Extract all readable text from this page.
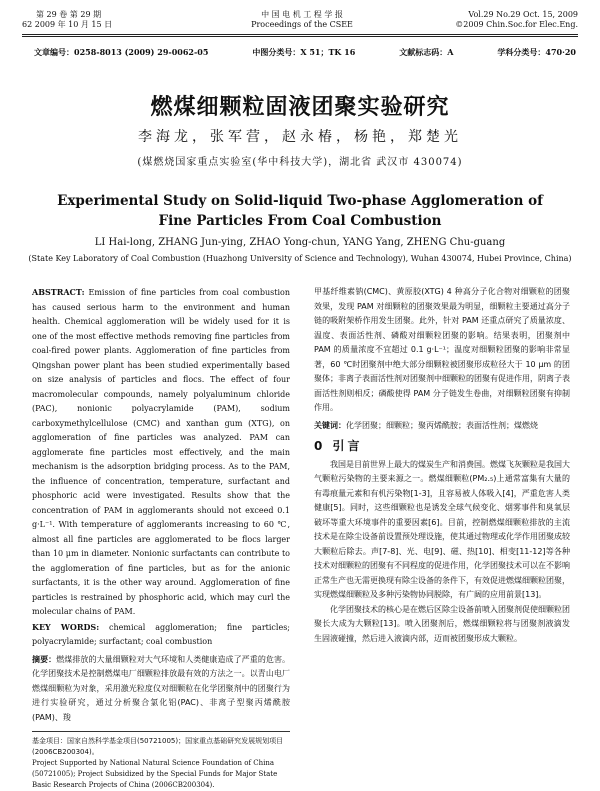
第 29 卷 第 29 期
62 2009 年 10 月 15 日
中 国 电 机 工 程 学 报
Proceedings of the CSEE
Vol.29 No.29 Oct. 15, 2009
©2009 Chin.Soc.for Elec.Eng.
文章编号：0258-8013 (2009) 29-0062-05	中图分类号：X 51；TK 16	文献标志码：A	学科分类号：470·20
燃煤细颗粒固液团聚实验研究
李海龙，张军营，赵永椿，杨艳，郑楚光
(煤燃烧国家重点实验室(华中科技大学)，湖北省 武汉市 430074)
Experimental Study on Solid-liquid Two-phase Agglomeration of
Fine Particles From Coal Combustion
LI Hai-long, ZHANG Jun-ying, ZHAO Yong-chun, YANG Yang, ZHENG Chu-guang
(State Key Laboratory of Coal Combustion (Huazhong University of Science and Technology), Wuhan 430074, Hubei Province, China)

ABSTRACT: Emission of fine particles from coal combustion has caused serious harm to the environment and human health. Chemical agglomeration will be widely used for it is one of the most effective methods removing fine particles from coal-fired power plants. Agglomeration of fine particles from Qingshan power plant has been studied experimentally based on size analysis of particles and flocs. The effect of four macromolecular compounds, namely polyaluminum chloride (PAC), nonionic polyacrylamide (PAM), sodium carboxymethylcellulose (CMC) and xanthan gum (XTG), on agglomeration of fine particles was analyzed. PAM can agglomerate fine particles most effectively, and the main mechanism is the adsorption bridging process. As to the PAM, the influence of concentration, temperature, surfactant and phosphoric acid were investigated. Results show that the concentration of PAM in agglomerants should not exceed 0.1 g·L⁻¹. With temperature of agglomerants increasing to 60 ℃, almost all fine particles are agglomerated to be flocs larger than 10 μm in diameter. Nonionic surfactants can contribute to the agglomeration of fine particles, but as for the anionic surfactants, it is the other way around. Agglomeration of fine particles is restrained by phosphoric acid, which may curl the molecular chains of PAM.

KEY WORDS: chemical agglomeration; fine particles; polyacrylamide; surfactant; coal combustion

摘要：燃煤排放的大量细颗粒对大气环境和人类健康造成了严重的危害。化学团聚技术是控制燃煤电厂细颗粒排放最有效的方法之一。以青山电厂燃煤细颗粒为对象，采用激光粒度仪对细颗粒在化学团聚剂中的团聚行为进行实验研究，通过分析聚合氯化铝(PAC)、非离子型聚丙烯酰胺(PAM)、羧

基金项目：国家自然科学基金项目(50721005)；国家重点基础研究发展规划项目(2006CB200304)。
Project Supported by National Natural Science Foundation of China (50721005); Project Subsidized by the Special Funds for Major State Basic Research Projects of China (2006CB200304).

甲基纤维素钠(CMC)、黄原胶(XTG) 4 种高分子化合物对细颗粒的团聚效果，发现 PAM 对细颗粒的团聚效果最为明显，细颗粒主要通过高分子链的吸附架桥作用发生团聚。此外，针对 PAM 还重点研究了质量浓度、温度、表面活性剂、磷酸对细颗粒团聚的影响。结果表明，团聚剂中 PAM 的质量浓度不宜超过 0.1 g·L⁻¹；温度对细颗粒团聚的影响非常显著，60 ℃时团聚剂中绝大部分细颗粒被团聚形成粒径大于 10 μm 的团聚体；非离子表面活性剂对团聚剂中细颗粒的团聚有促进作用，阴离子表面活性剂则相反；磷酸使得 PAM 分子链发生卷曲，对细颗粒团聚有抑制作用。

关键词：化学团聚；细颗粒；聚丙烯酰胺；表面活性剂；煤燃烧

0 引言

我国是目前世界上最大的煤炭生产和消费国。燃煤飞灰颗粒是我国大气颗粒污染物的主要来源之一。燃煤细颗粒(PM₂.₅)上通常富集有大量的有毒痕量元素和有机污染物[1-3]，且容易被人体吸入[4]，严重危害人类健康[5]。同时，这些细颗粒也是诱发全球气候变化、烟雾事件和臭氧层破坏等重大环境事件的重要因素[6]。目前，控制燃煤细颗粒排放的主流技术是在除尘设备前设置预处理设施，使其通过物理或化学作用团聚成较大颗粒后除去。声[7-8]、光、电[9]、磁、热[10]、相变[11-12]等各种技术对细颗粒的团聚有不同程度的促进作用，化学团聚技术可以在不影响正常生产也无需更换现有除尘设备的条件下，有效促进燃煤细颗粒团聚，实现燃煤细颗粒及多种污染物协同脱除，有广阔的应用前景[13]。

化学团聚技术的核心是在燃后区除尘设备前喷入团聚剂促使细颗粒团聚长大成为大颗粒[13]。喷入团聚剂后，燃煤细颗粒将与团聚剂液滴发生固液碰撞，然后进入液滴内部，迈而被团聚形成大颗粒。
